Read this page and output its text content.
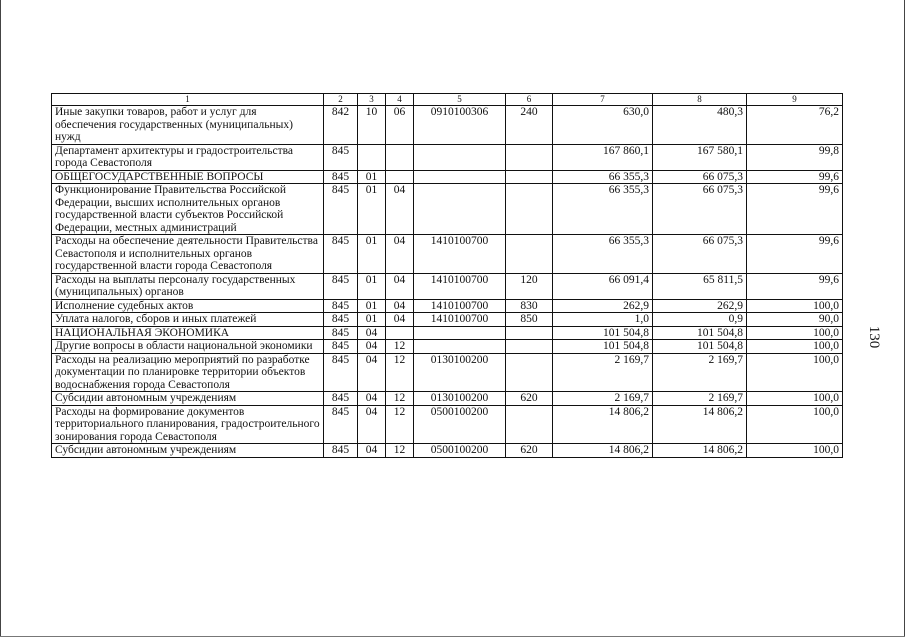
130
1	2	3	4	5	6	7	8	9
Иные закупки товаров, работ и услуг для обеспечения государственных (муниципальных) нужд	842	10	06	0910100306	240	630,0	480,3	76,2
Департамент архитектуры и градостроительства города Севастополя	845					167 860,1	167 580,1	99,8
ОБЩЕГОСУДАРСТВЕННЫЕ ВОПРОСЫ	845	01				66 355,3	66 075,3	99,6
Функционирование Правительства Российской Федерации, высших исполнительных органов государственной власти субъектов Российской Федерации, местных администраций	845	01	04			66 355,3	66 075,3	99,6
Расходы на обеспечение деятельности Правительства Севастополя и исполнительных органов государственной власти города Севастополя	845	01	04	1410100700		66 355,3	66 075,3	99,6
Расходы на выплаты персоналу государственных (муниципальных) органов	845	01	04	1410100700	120	66 091,4	65 811,5	99,6
Исполнение судебных актов	845	01	04	1410100700	830	262,9	262,9	100,0
Уплата налогов, сборов и иных платежей	845	01	04	1410100700	850	1,0	0,9	90,0
НАЦИОНАЛЬНАЯ ЭКОНОМИКА	845	04				101 504,8	101 504,8	100,0
Другие вопросы в области национальной экономики	845	04	12			101 504,8	101 504,8	100,0
Расходы на реализацию мероприятий по разработке документации по планировке территории объектов водоснабжения города Севастополя	845	04	12	0130100200		2 169,7	2 169,7	100,0
Субсидии автономным учреждениям	845	04	12	0130100200	620	2 169,7	2 169,7	100,0
Расходы на формирование документов территориального планирования, градостроительного зонирования города Севастополя	845	04	12	0500100200		14 806,2	14 806,2	100,0
Субсидии автономным учреждениям	845	04	12	0500100200	620	14 806,2	14 806,2	100,0
